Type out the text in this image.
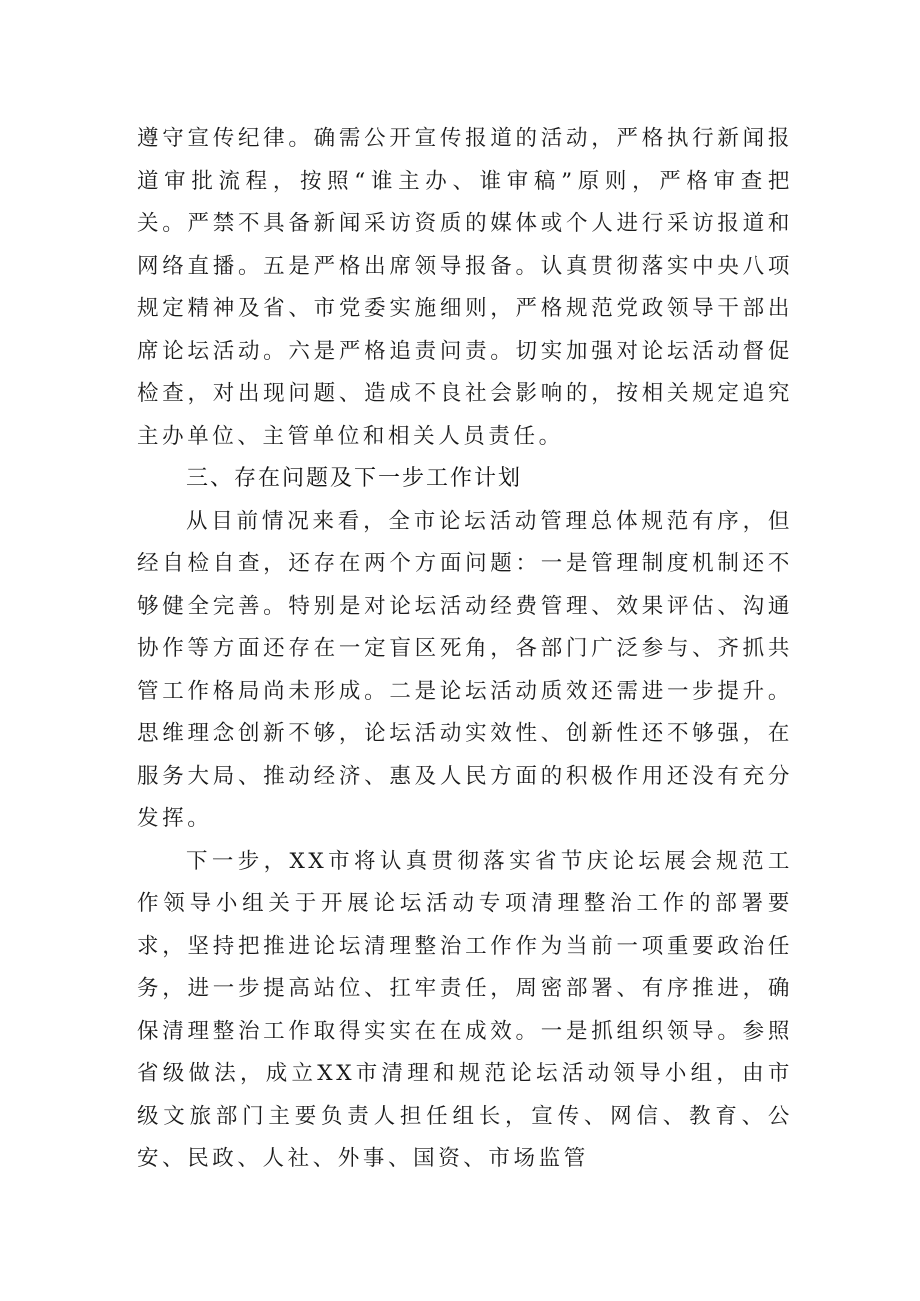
遵守宣传纪律。确需公开宣传报道的活动，严格执行新闻报道审批流程，按照“谁主办、谁审稿”原则，严格审查把关。严禁不具备新闻采访资质的媒体或个人进行采访报道和网络直播。五是严格出席领导报备。认真贯彻落实中央八项规定精神及省、市党委实施细则，严格规范党政领导干部出席论坛活动。六是严格追责问责。切实加强对论坛活动督促检查，对出现问题、造成不良社会影响的，按相关规定追究主办单位、主管单位和相关人员责任。

三、存在问题及下一步工作计划

从目前情况来看，全市论坛活动管理总体规范有序，但经自检自查，还存在两个方面问题：一是管理制度机制还不够健全完善。特别是对论坛活动经费管理、效果评估、沟通协作等方面还存在一定盲区死角，各部门广泛参与、齐抓共管工作格局尚未形成。二是论坛活动质效还需进一步提升。思维理念创新不够，论坛活动实效性、创新性还不够强，在服务大局、推动经济、惠及人民方面的积极作用还没有充分发挥。

下一步，XX市将认真贯彻落实省节庆论坛展会规范工作领导小组关于开展论坛活动专项清理整治工作的部署要求，坚持把推进论坛清理整治工作作为当前一项重要政治任务，进一步提高站位、扛牢责任，周密部署、有序推进，确保清理整治工作取得实实在在成效。一是抓组织领导。参照省级做法，成立XX市清理和规范论坛活动领导小组，由市级文旅部门主要负责人担任组长，宣传、网信、教育、公安、民政、人社、外事、国资、市场监管
